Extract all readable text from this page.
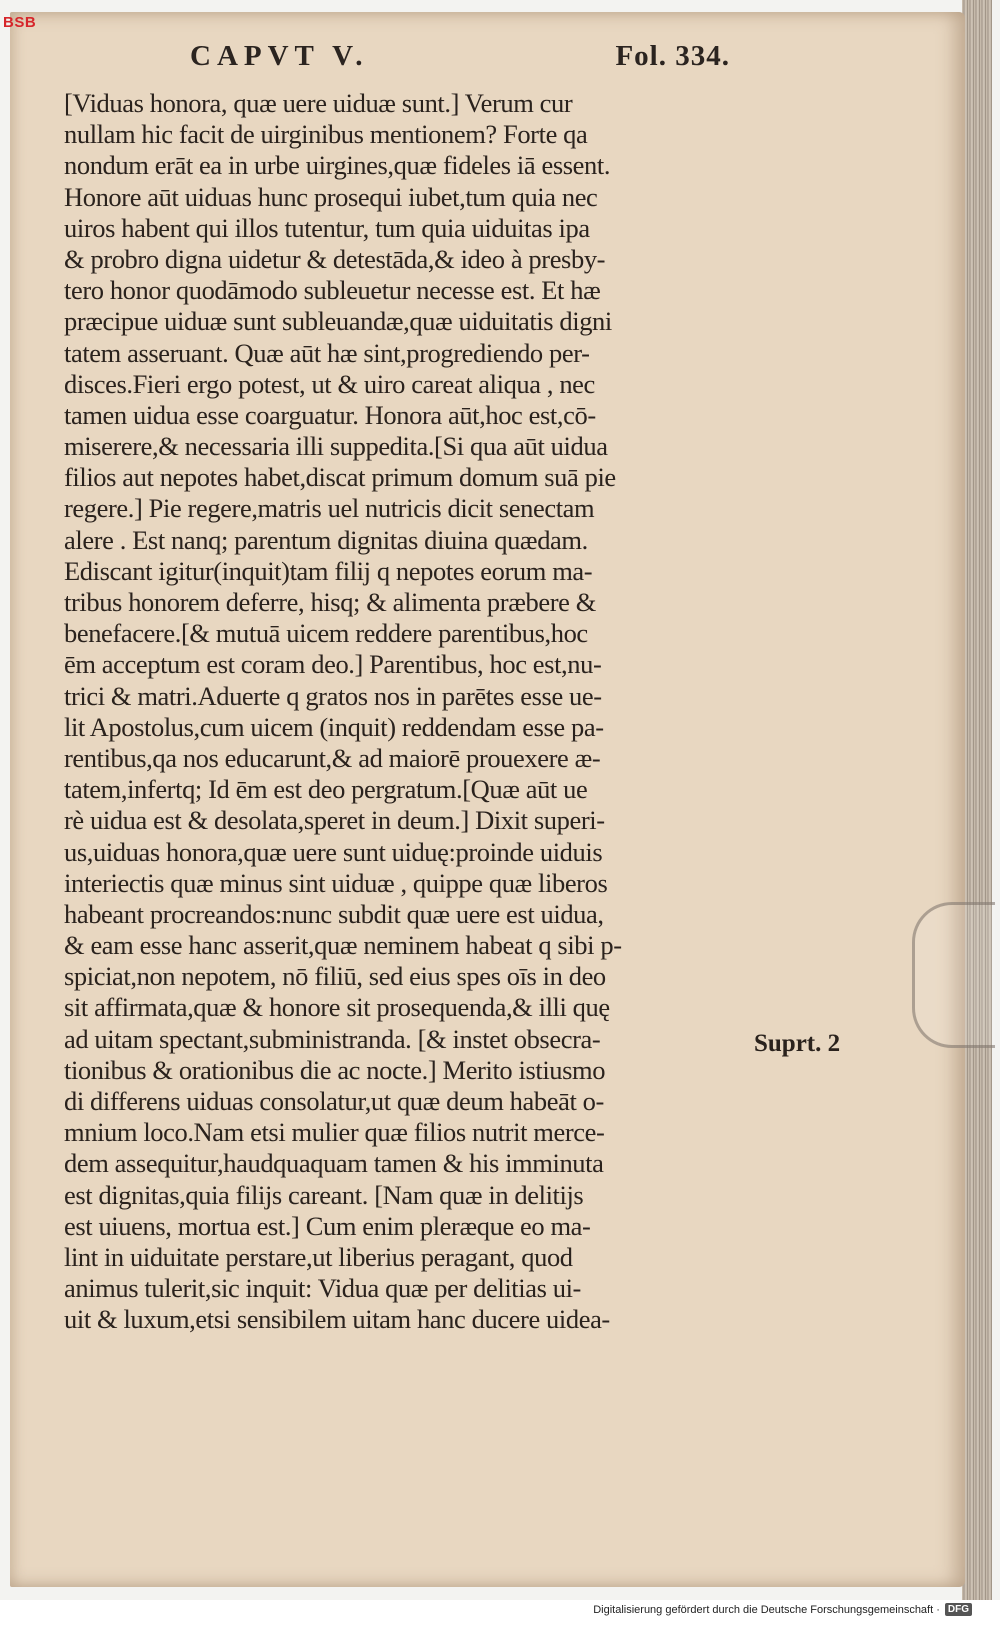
BSB
CAPVT V.	Fol. 334.
[Viduas honora, quæ uere uiduæ sunt.] Verum cur
nullam hic facit de uirginibus mentionem? Forte qa
nondum erāt ea in urbe uirgines,quæ fideles iā essent.
Honore aūt uiduas hunc prosequi iubet,tum quia nec
uiros habent qui illos tutentur, tum quia uiduitas ipa
& probro digna uidetur & detestāda,& ideo à presby-
tero honor quodāmodo subleuetur necesse est. Et hæ
præcipue uiduæ sunt subleuandæ,quæ uiduitatis digni
tatem asseruant. Quæ aūt hæ sint,progrediendo per-
disces.Fieri ergo potest, ut & uiro careat aliqua , nec
tamen uidua esse coarguatur. Honora aūt,hoc est,cō-
miserere,& necessaria illi suppedita.[Si qua aūt uidua
filios aut nepotes habet,discat primum domum suā pie
regere.] Pie regere,matris uel nutricis dicit senectam
alere . Est nanq; parentum dignitas diuina quædam.
Ediscant igitur(inquit)tam filij q nepotes eorum ma-
tribus honorem deferre, hisq; & alimenta præbere &
benefacere.[& mutuā uicem reddere parentibus,hoc
ēm acceptum est coram deo.] Parentibus, hoc est,nu-
trici & matri.Aduerte q gratos nos in parētes esse ue-
lit Apostolus,cum uicem (inquit) reddendam esse pa-
rentibus,qa nos educarunt,& ad maiorē prouexere æ-
tatem,infertq; Id ēm est deo pergratum.[Quæ aūt ue
rè uidua est & desolata,speret in deum.] Dixit superi-
us,uiduas honora,quæ uere sunt uiduę:proinde uiduis
interiectis quæ minus sint uiduæ , quippe quæ liberos
habeant procreandos:nunc subdit quæ uere est uidua,
& eam esse hanc asserit,quæ neminem habeat q sibi p-
spiciat,non nepotem, nō filiū, sed eius spes oīs in deo
sit affirmata,quæ & honore sit prosequenda,& illi quę
ad uitam spectant,subministranda. [& instet obsecra-
tionibus & orationibus die ac nocte.] Merito istiusmo
di differens uiduas consolatur,ut quæ deum habeāt o-
mnium loco.Nam etsi mulier quæ filios nutrit merce-
dem assequitur,haudquaquam tamen & his imminuta
est dignitas,quia filijs careant. [Nam quæ in delitijs
est uiuens, mortua est.] Cum enim pleræque eo ma-
lint in uiduitate perstare,ut liberius peragant, quod
animus tulerit,sic inquit: Vidua quæ per delitias ui-
uit & luxum,etsi sensibilem uitam hanc ducere uidea-
Suprt. 2
Digitalisierung gefördert durch die Deutsche Forschungsgemeinschaft · DFG
